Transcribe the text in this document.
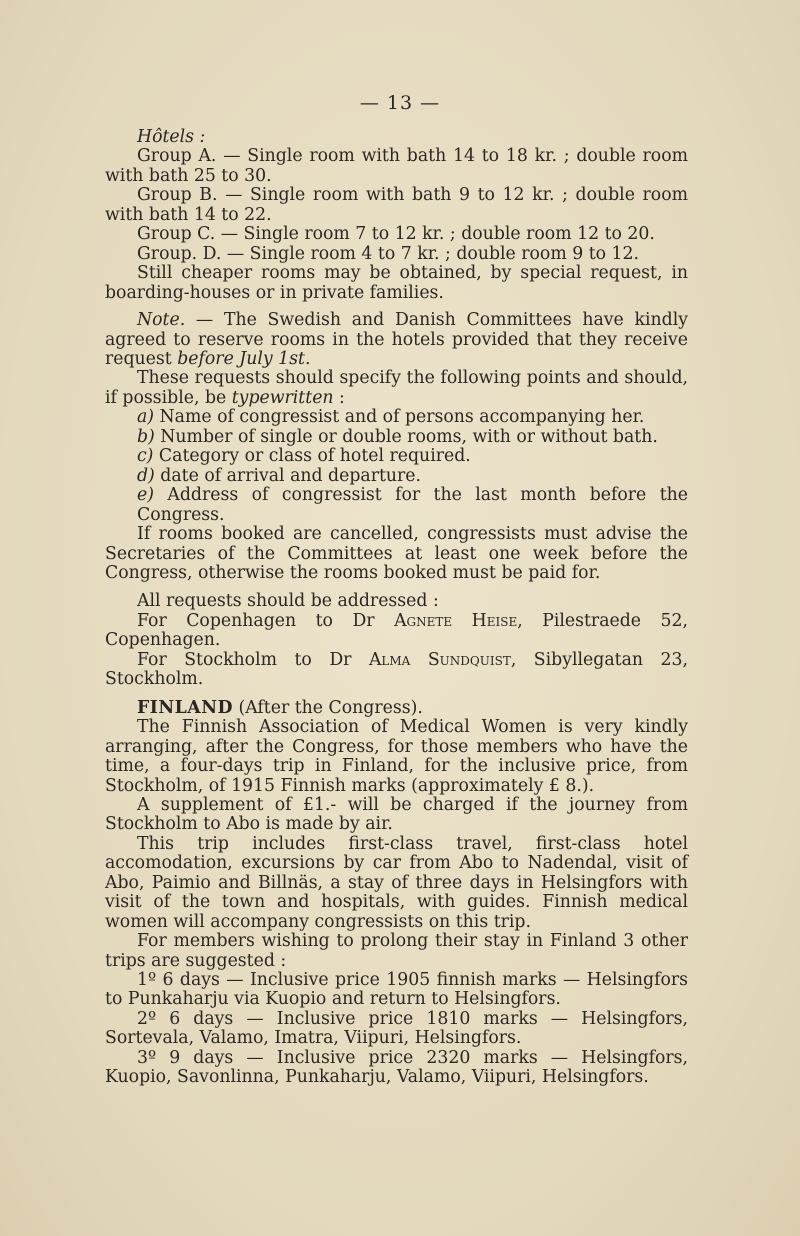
— 13 —

Hôtels :

Group A. — Single room with bath 14 to 18 kr. ; double room with bath 25 to 30.

Group B. — Single room with bath 9 to 12 kr. ; double room with bath 14 to 22.

Group C. — Single room 7 to 12 kr. ; double room 12 to 20.

Group. D. — Single room 4 to 7 kr. ; double room 9 to 12.

Still cheaper rooms may be obtained, by special request, in boarding-houses or in private families.

Note. — The Swedish and Danish Committees have kindly agreed to reserve rooms in the hotels provided that they receive request before July 1st.

These requests should specify the following points and should, if possible, be typewritten :

a) Name of congressist and of persons accompanying her.

b) Number of single or double rooms, with or without bath.

c) Category or class of hotel required.

d) date of arrival and departure.

e) Address of congressist for the last month before the Congress.

If rooms booked are cancelled, congressists must advise the Secretaries of the Committees at least one week before the Congress, otherwise the rooms booked must be paid for.

All requests should be addressed :

For Copenhagen to Dr Agnete Heise, Pilestraede 52, Copenhagen.

For Stockholm to Dr Alma Sundquist, Sibyllegatan 23, Stockholm.

FINLAND (After the Congress).

The Finnish Association of Medical Women is very kindly arranging, after the Congress, for those members who have the time, a four-days trip in Finland, for the inclusive price, from Stockholm, of 1915 Finnish marks (approximately £ 8.).

A supplement of £1.- will be charged if the journey from Stockholm to Abo is made by air.

This trip includes first-class travel, first-class hotel accomodation, excursions by car from Abo to Nadendal, visit of Abo, Paimio and Billnäs, a stay of three days in Helsingfors with visit of the town and hospitals, with guides. Finnish medical women will accompany congressists on this trip.

For members wishing to prolong their stay in Finland 3 other trips are suggested :

1º 6 days — Inclusive price 1905 finnish marks — Helsingfors to Punkaharju via Kuopio and return to Helsingfors.

2º 6 days — Inclusive price 1810 marks — Helsingfors, Sortevala, Valamo, Imatra, Viipuri, Helsingfors.

3º 9 days — Inclusive price 2320 marks — Helsingfors, Kuopio, Savonlinna, Punkaharju, Valamo, Viipuri, Helsingfors.
